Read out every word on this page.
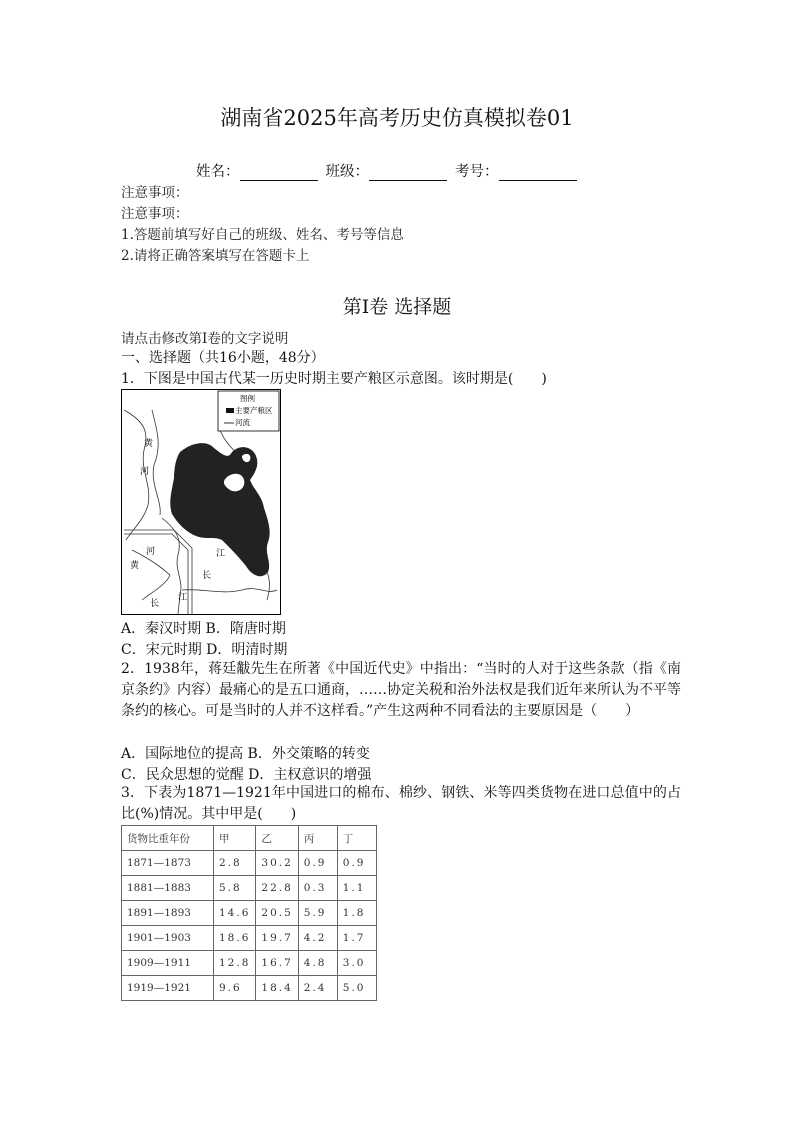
湖南省2025年高考历史仿真模拟卷01
姓名：	班级：	考号：
注意事项：
注意事项：
1.答题前填写好自己的班级、姓名、考号等信息
2.请将正确答案填写在答题卡上
第Ⅰ卷 选择题
请点击修改第I卷的文字说明
一、选择题（共16小题，48分）
1．下图是中国古代某一历史时期主要产粮区示意图。该时期是(　　)
图例
主要产粮区
河流
黄
河
河
黄
江
长
长
江
A．秦汉时期 B．隋唐时期
C．宋元时期 D．明清时期
2．1938年，蒋廷黻先生在所著《中国近代史》中指出：“当时的人对于这些条款（指《南京条约》内容）最痛心的是五口通商，……协定关税和治外法权是我们近年来所认为不平等条约的核心。可是当时的人并不这样看。”产生这两种不同看法的主要原因是（　　）
A．国际地位的提高 B．外交策略的转变
C．民众思想的觉醒 D．主权意识的增强
3．下表为1871—1921年中国进口的棉布、棉纱、钢铁、米等四类货物在进口总值中的占比(%)情况。其中甲是(　　)
货物比重年份	甲	乙	丙	丁
1871—1873	2.8	30.2	0.9	0.9
1881—1883	5.8	22.8	0.3	1.1
1891—1893	14.6	20.5	5.9	1.8
1901—1903	18.6	19.7	4.2	1.7
1909—1911	12.8	16.7	4.8	3.0
1919—1921	9.6	18.4	2.4	5.0
